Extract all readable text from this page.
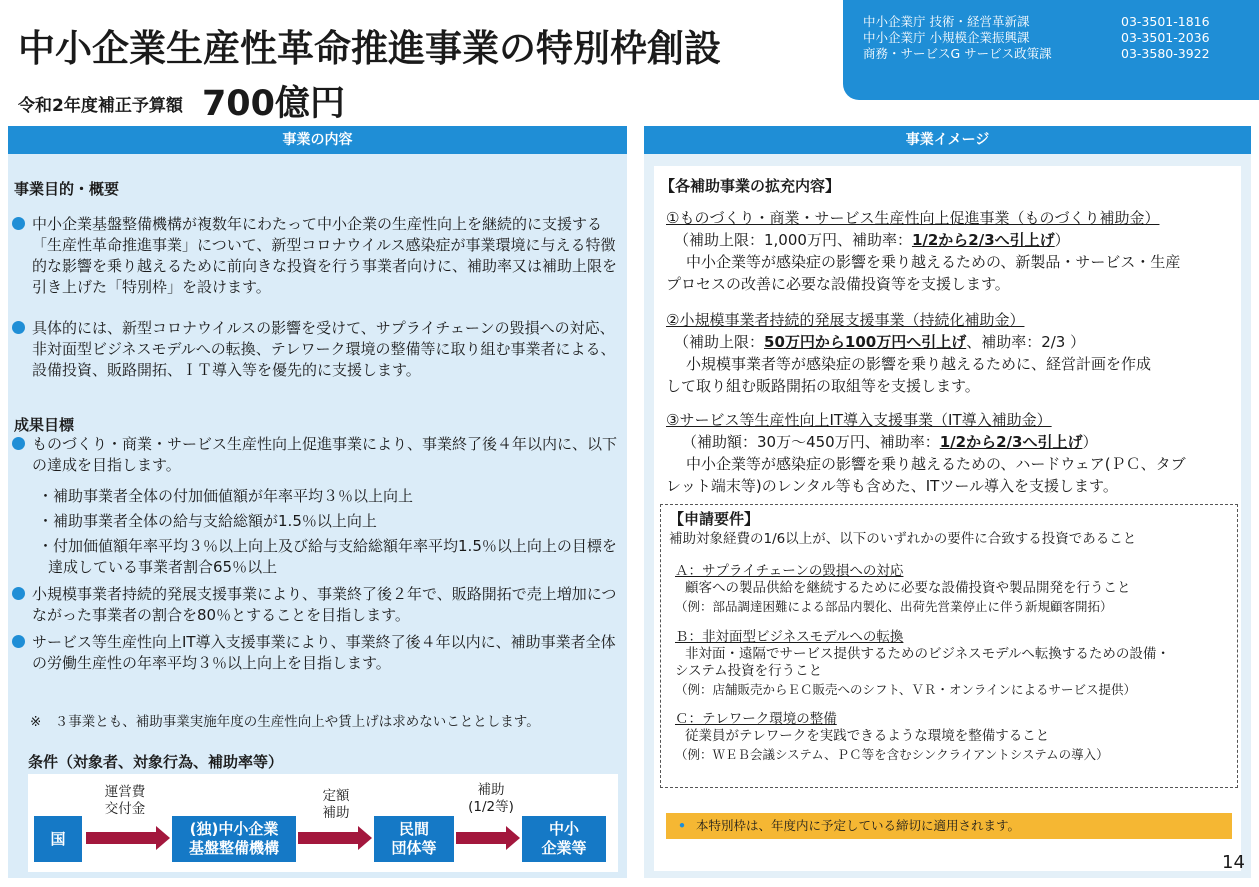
中小企業生産性革命推進事業の特別枠創設
令和2年度補正予算額 700億円
中小企業庁 技術・経営革新課	03-3501-1816
中小企業庁 小規模企業振興課	03-3501-2036
商務・サービスG サービス政策課	03-3580-3922
事業の内容
事業目的・概要
中小企業基盤整備機構が複数年にわたって中小企業の生産性向上を継続的に支援する「生産性革命推進事業」について、新型コロナウイルス感染症が事業環境に与える特徴的な影響を乗り越えるために前向きな投資を行う事業者向けに、補助率又は補助上限を引き上げた「特別枠」を設けます。
具体的には、新型コロナウイルスの影響を受けて、サプライチェーンの毀損への対応、非対面型ビジネスモデルへの転換、テレワーク環境の整備等に取り組む事業者による、設備投資、販路開拓、ＩＴ導入等を優先的に支援します。
成果目標
ものづくり・商業・サービス生産性向上促進事業により、事業終了後４年以内に、以下の達成を目指します。
・補助事業者全体の付加価値額が年率平均３％以上向上
・補助事業者全体の給与支給総額が1.5％以上向上
・付加価値額年率平均３％以上向上及び給与支給総額年率平均1.5％以上向上の目標を達成している事業者割合65％以上
小規模事業者持続的発展支援事業により、事業終了後２年で、販路開拓で売上増加につながった事業者の割合を80％とすることを目指します。
サービス等生産性向上IT導入支援事業により、事業終了後４年以内に、補助事業者全体の労働生産性の年率平均３％以上向上を目指します。
※　３事業とも、補助事業実施年度の生産性向上や賃上げは求めないこととします。
条件（対象者、対象行為、補助率等）
国
運営費
交付金
(独)中小企業
基盤整備機構
定額
補助
民間
団体等
補助
(1/2等)
中小
企業等
事業イメージ
【各補助事業の拡充内容】
①ものづくり・商業・サービス生産性向上促進事業（ものづくり補助金）
（補助上限：1,000万円、補助率：1/2から2/3へ引上げ）
中小企業等が感染症の影響を乗り越えるための、新製品・サービス・生産
プロセスの改善に必要な設備投資等を支援します。
②小規模事業者持続的発展支援事業（持続化補助金）
（補助上限：50万円から100万円へ引上げ、補助率：2/3 ）
小規模事業者等が感染症の影響を乗り越えるために、経営計画を作成
して取り組む販路開拓の取組等を支援します。
③サービス等生産性向上IT導入支援事業（IT導入補助金）
（補助額：30万～450万円、補助率：1/2から2/3へ引上げ）
中小企業等が感染症の影響を乗り越えるための、ハードウェア(ＰＣ、タブ
レット端末等)のレンタル等も含めた、ITツール導入を支援します。
【申請要件】
補助対象経費の1/6以上が、以下のいずれかの要件に合致する投資であること
Ａ：サプライチェーンの毀損への対応
顧客への製品供給を継続するために必要な設備投資や製品開発を行うこと
（例：部品調達困難による部品内製化、出荷先営業停止に伴う新規顧客開拓）
Ｂ：非対面型ビジネスモデルへの転換
非対面・遠隔でサービス提供するためのビジネスモデルへ転換するための設備・
システム投資を行うこと
（例：店舗販売からＥＣ販売へのシフト、ＶＲ・オンラインによるサービス提供）
Ｃ：テレワーク環境の整備
従業員がテレワークを実践できるような環境を整備すること
（例：ＷＥＢ会議システム、ＰＣ等を含むシンクライアントシステムの導入）
• 本特別枠は、年度内に予定している締切に適用されます。
14
